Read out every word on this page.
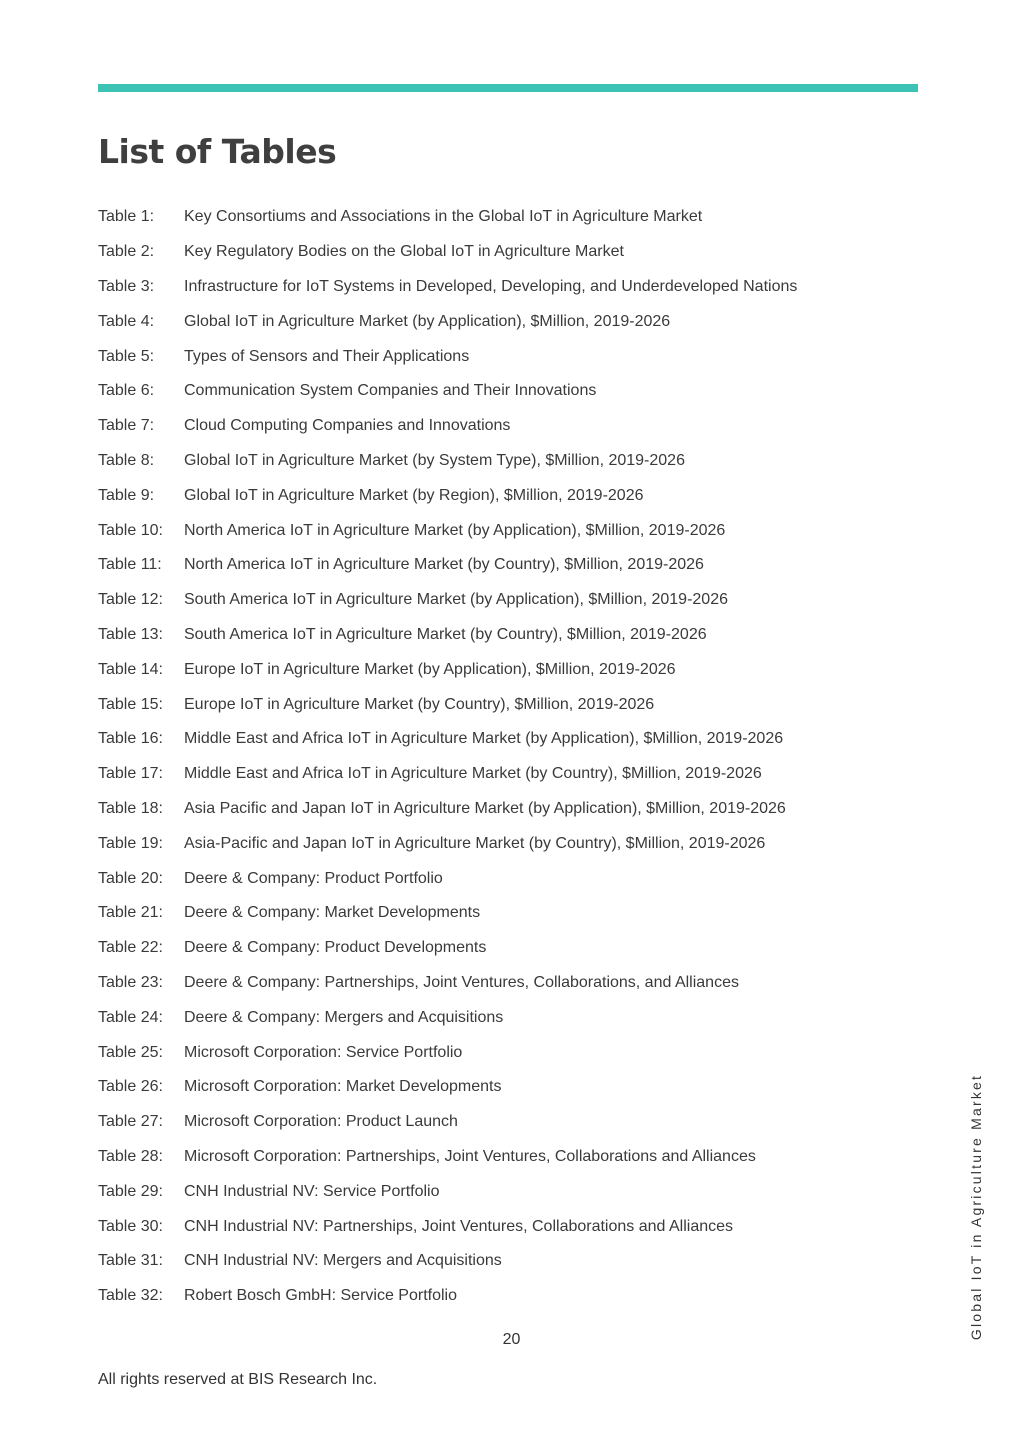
List of Tables
Table 1:	Key Consortiums and Associations in the Global IoT in Agriculture Market
Table 2:	Key Regulatory Bodies on the Global IoT in Agriculture Market
Table 3:	Infrastructure for IoT Systems in Developed, Developing, and Underdeveloped Nations
Table 4:	Global IoT in Agriculture Market (by Application), $Million, 2019-2026
Table 5:	Types of Sensors and Their Applications
Table 6:	Communication System Companies and Their Innovations
Table 7:	Cloud Computing Companies and Innovations
Table 8:	Global IoT in Agriculture Market (by System Type), $Million, 2019-2026
Table 9:	Global IoT in Agriculture Market (by Region), $Million, 2019-2026
Table 10:	North America IoT in Agriculture Market (by Application), $Million, 2019-2026
Table 11:	North America IoT in Agriculture Market (by Country), $Million, 2019-2026
Table 12:	South America IoT in Agriculture Market (by Application), $Million, 2019-2026
Table 13:	South America IoT in Agriculture Market (by Country), $Million, 2019-2026
Table 14:	Europe IoT in Agriculture Market (by Application), $Million, 2019-2026
Table 15:	Europe IoT in Agriculture Market (by Country), $Million, 2019-2026
Table 16:	Middle East and Africa IoT in Agriculture Market (by Application), $Million, 2019-2026
Table 17:	Middle East and Africa IoT in Agriculture Market (by Country), $Million, 2019-2026
Table 18:	Asia Pacific and Japan IoT in Agriculture Market (by Application), $Million, 2019-2026
Table 19:	Asia-Pacific and Japan IoT in Agriculture Market (by Country), $Million, 2019-2026
Table 20:	Deere & Company: Product Portfolio
Table 21:	Deere & Company: Market Developments
Table 22:	Deere & Company: Product Developments
Table 23:	Deere & Company: Partnerships, Joint Ventures, Collaborations, and Alliances
Table 24:	Deere & Company: Mergers and Acquisitions
Table 25:	Microsoft Corporation: Service Portfolio
Table 26:	Microsoft Corporation: Market Developments
Table 27:	Microsoft Corporation: Product Launch
Table 28:	Microsoft Corporation: Partnerships, Joint Ventures, Collaborations and Alliances
Table 29:	CNH Industrial NV: Service Portfolio
Table 30:	CNH Industrial NV: Partnerships, Joint Ventures, Collaborations and Alliances
Table 31:	CNH Industrial NV: Mergers and Acquisitions
Table 32:	Robert Bosch GmbH: Service Portfolio
20
All rights reserved at BIS Research Inc.
Global IoT in Agriculture Market
